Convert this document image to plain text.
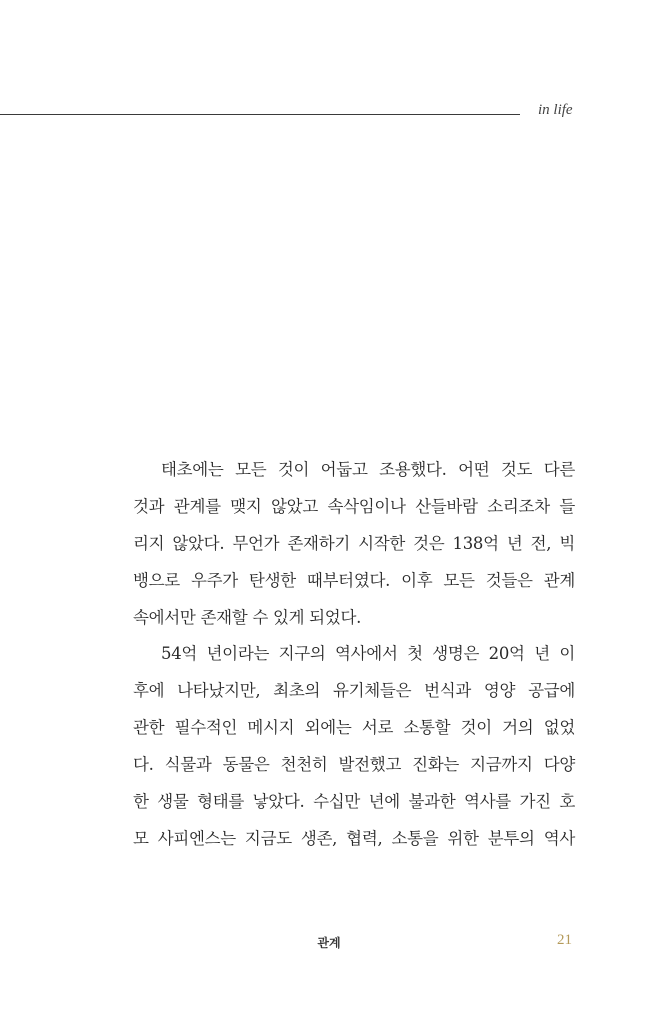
in life
태초에는 모든 것이 어둡고 조용했다. 어떤 것도 다른
것과 관계를 맺지 않았고 속삭임이나 산들바람 소리조차 들
리지 않았다. 무언가 존재하기 시작한 것은 138억 년 전, 빅
뱅으로 우주가 탄생한 때부터였다. 이후 모든 것들은 관계
속에서만 존재할 수 있게 되었다.
54억 년이라는 지구의 역사에서 첫 생명은 20억 년 이
후에 나타났지만, 최초의 유기체들은 번식과 영양 공급에
관한 필수적인 메시지 외에는 서로 소통할 것이 거의 없었
다. 식물과 동물은 천천히 발전했고 진화는 지금까지 다양
한 생물 형태를 낳았다. 수십만 년에 불과한 역사를 가진 호
모 사피엔스는 지금도 생존, 협력, 소통을 위한 분투의 역사
관계	21
